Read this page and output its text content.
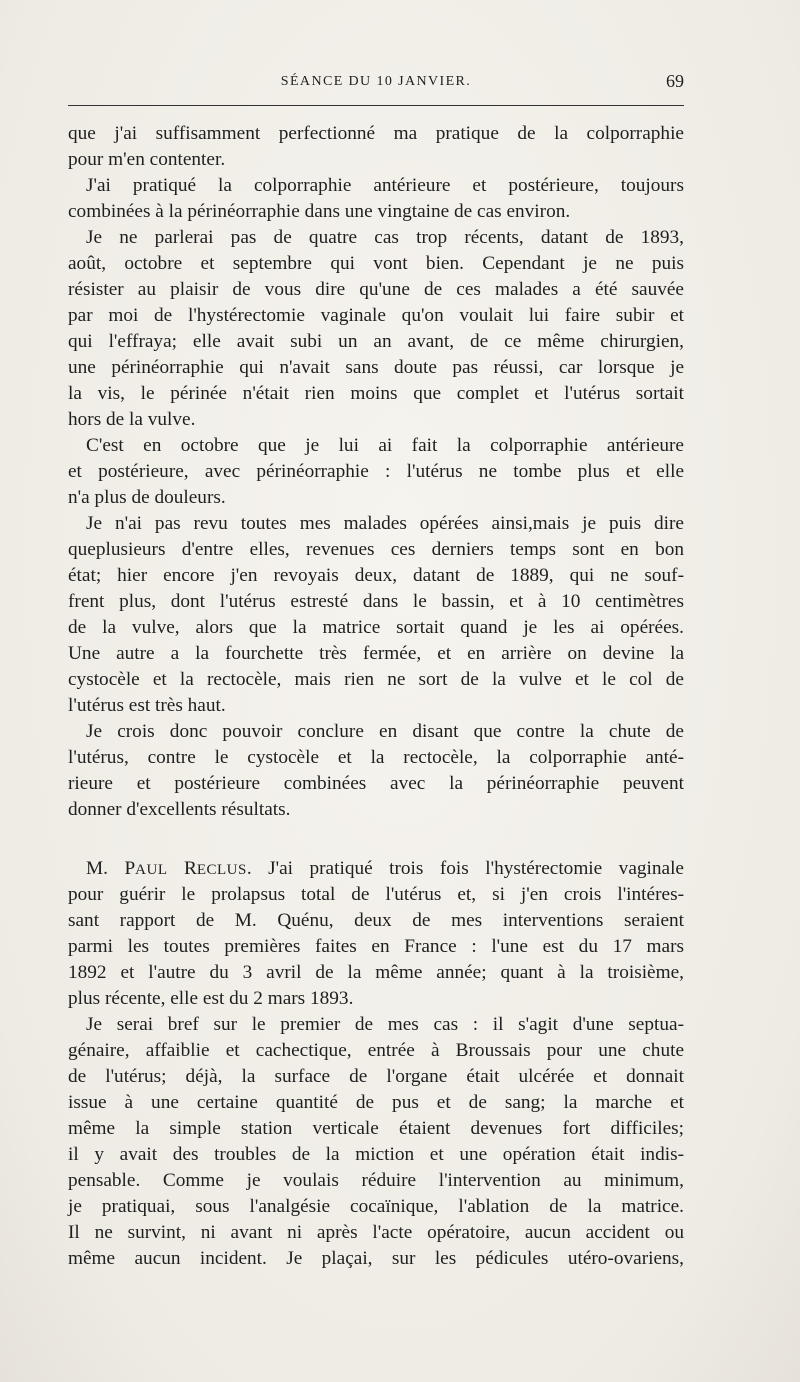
SÉANCE DU 10 JANVIER.	69
que j'ai suffisamment perfectionné ma pratique de la colporraphie
pour m'en contenter.
J'ai pratiqué la colporraphie antérieure et postérieure, toujours
combinées à la périnéorraphie dans une vingtaine de cas environ.
Je ne parlerai pas de quatre cas trop récents, datant de 1893,
août, octobre et septembre qui vont bien. Cependant je ne puis
résister au plaisir de vous dire qu'une de ces malades a été sauvée
par moi de l'hystérectomie vaginale qu'on voulait lui faire subir et
qui l'effraya; elle avait subi un an avant, de ce même chirurgien,
une périnéorraphie qui n'avait sans doute pas réussi, car lorsque je
la vis, le périnée n'était rien moins que complet et l'utérus sortait
hors de la vulve.
C'est en octobre que je lui ai fait la colporraphie antérieure
et postérieure, avec périnéorraphie : l'utérus ne tombe plus et elle
n'a plus de douleurs.
Je n'ai pas revu toutes mes malades opérées ainsi,mais je puis dire
queplusieurs d'entre elles, revenues ces derniers temps sont en bon
état; hier encore j'en revoyais deux, datant de 1889, qui ne souf-
frent plus, dont l'utérus estresté dans le bassin, et à 10 centimètres
de la vulve, alors que la matrice sortait quand je les ai opérées.
Une autre a la fourchette très fermée, et en arrière on devine la
cystocèle et la rectocèle, mais rien ne sort de la vulve et le col de
l'utérus est très haut.
Je crois donc pouvoir conclure en disant que contre la chute de
l'utérus, contre le cystocèle et la rectocèle, la colporraphie anté-
rieure et postérieure combinées avec la périnéorraphie peuvent
donner d'excellents résultats.
M. PAUL RECLUS. J'ai pratiqué trois fois l'hystérectomie vaginale
pour guérir le prolapsus total de l'utérus et, si j'en crois l'intéres-
sant rapport de M. Quénu, deux de mes interventions seraient
parmi les toutes premières faites en France : l'une est du 17 mars
1892 et l'autre du 3 avril de la même année; quant à la troisième,
plus récente, elle est du 2 mars 1893.
Je serai bref sur le premier de mes cas : il s'agit d'une septua-
génaire, affaiblie et cachectique, entrée à Broussais pour une chute
de l'utérus; déjà, la surface de l'organe était ulcérée et donnait
issue à une certaine quantité de pus et de sang; la marche et
même la simple station verticale étaient devenues fort difficiles;
il y avait des troubles de la miction et une opération était indis-
pensable. Comme je voulais réduire l'intervention au minimum,
je pratiquai, sous l'analgésie cocaïnique, l'ablation de la matrice.
Il ne survint, ni avant ni après l'acte opératoire, aucun accident ou
même aucun incident. Je plaçai, sur les pédicules utéro-ovariens,
